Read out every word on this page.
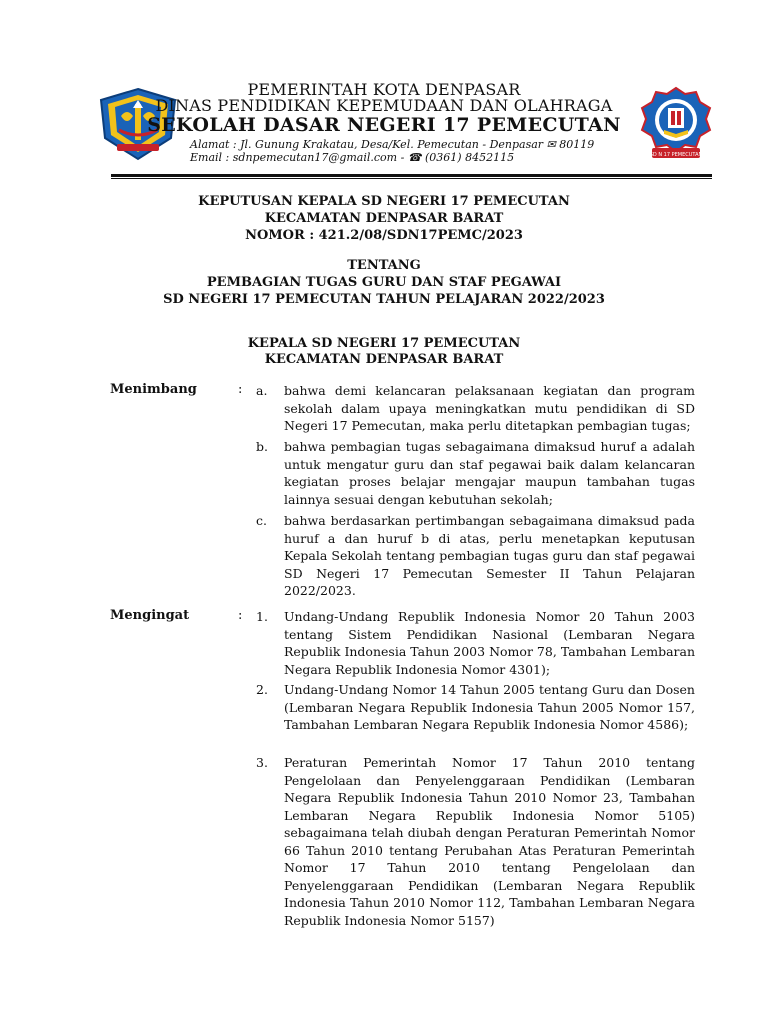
SD N 17 PEMECUTAN
PEMERINTAH KOTA DENPASAR
DINAS PENDIDIKAN KEPEMUDAAN DAN OLAHRAGA
SEKOLAH DASAR NEGERI 17 PEMECUTAN
Alamat : Jl. Gunung Krakatau, Desa/Kel. Pemecutan - Denpasar ✉ 80119
Email : sdnpemecutan17@gmail.com - ☎ (0361) 8452115
KEPUTUSAN KEPALA SD NEGERI 17 PEMECUTAN
KECAMATAN DENPASAR BARAT
NOMOR : 421.2/08/SDN17PEMC/2023
TENTANG
PEMBAGIAN TUGAS GURU DAN STAF PEGAWAI
SD NEGERI 17 PEMECUTAN TAHUN PELAJARAN 2022/2023
KEPALA SD NEGERI 17 PEMECUTAN
KECAMATAN DENPASAR BARAT
Menimbang	: a. bahwa demi kelancaran pelaksanaan kegiatan dan program sekolah dalam upaya meningkatkan mutu pendidikan di SD Negeri 17 Pemecutan, maka perlu ditetapkan pembagian tugas;
b. bahwa pembagian tugas sebagaimana dimaksud huruf a adalah untuk mengatur guru dan staf pegawai baik dalam kelancaran kegiatan proses belajar mengajar maupun tambahan tugas lainnya sesuai dengan kebutuhan sekolah;
c. bahwa berdasarkan pertimbangan sebagaimana dimaksud pada huruf a dan huruf b di atas, perlu menetapkan keputusan Kepala Sekolah tentang pembagian tugas guru dan staf pegawai SD Negeri 17 Pemecutan Semester II Tahun Pelajaran 2022/2023.
Mengingat	: 1. Undang-Undang Republik Indonesia Nomor 20 Tahun 2003 tentang Sistem Pendidikan Nasional (Lembaran Negara Republik Indonesia Tahun 2003 Nomor 78, Tambahan Lembaran Negara Republik Indonesia Nomor 4301);
2. Undang-Undang Nomor 14 Tahun 2005 tentang Guru dan Dosen (Lembaran Negara Republik Indonesia Tahun 2005 Nomor 157, Tambahan Lembaran Negara Republik Indonesia Nomor 4586);
3. Peraturan Pemerintah Nomor 17 Tahun 2010 tentang Pengelolaan dan Penyelenggaraan Pendidikan (Lembaran Negara Republik Indonesia Tahun 2010 Nomor 23, Tambahan Lembaran Negara Republik Indonesia Nomor 5105) sebagaimana telah diubah dengan Peraturan Pemerintah Nomor 66 Tahun 2010 tentang Perubahan Atas Peraturan Pemerintah Nomor 17 Tahun 2010 tentang Pengelolaan dan Penyelenggaraan Pendidikan (Lembaran Negara Republik Indonesia Tahun 2010 Nomor 112, Tambahan Lembaran Negara Republik Indonesia Nomor 5157)
